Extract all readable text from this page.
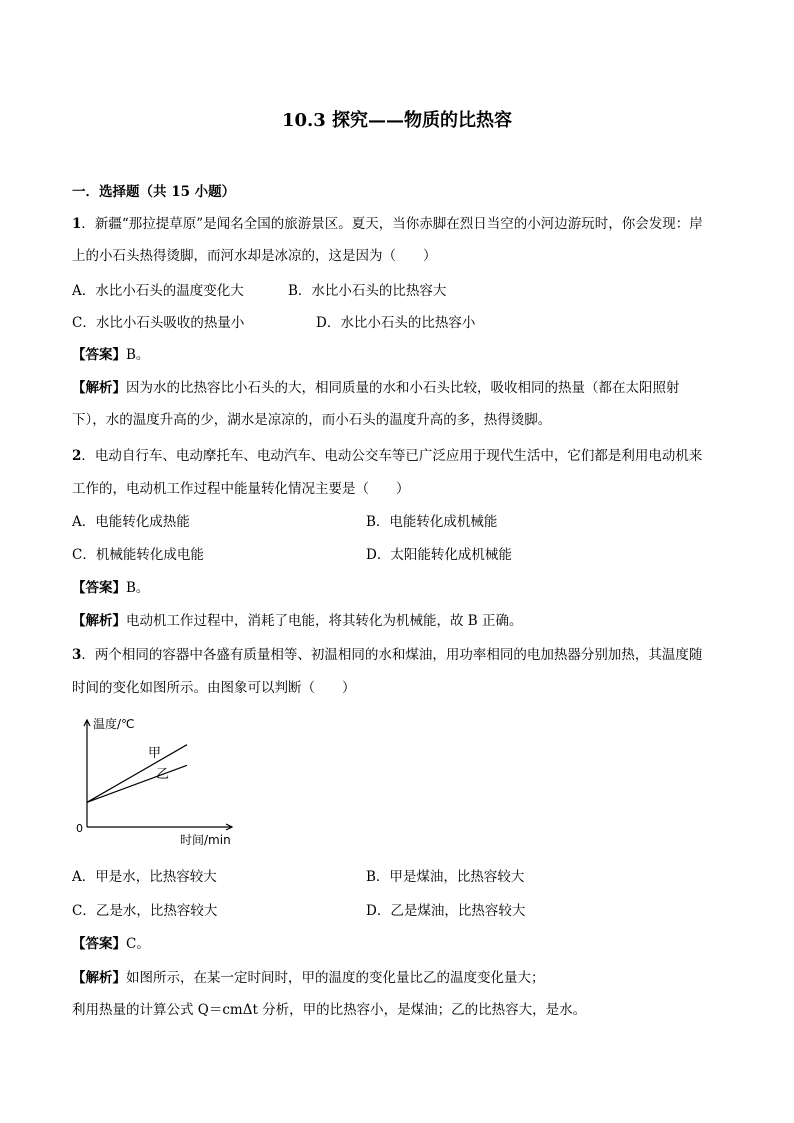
10.3 探究——物质的比热容
一．选择题（共 15 小题）
1．新疆“那拉提草原”是闻名全国的旅游景区。夏天，当你赤脚在烈日当空的小河边游玩时，你会发现：岸
上的小石头热得烫脚，而河水却是冰凉的，这是因为（　　）
A．水比小石头的温度变化大	B．水比小石头的比热容大
C．水比小石头吸收的热量小	D．水比小石头的比热容小
【答案】B。
【解析】因为水的比热容比小石头的大，相同质量的水和小石头比较，吸收相同的热量（都在太阳照射
下），水的温度升高的少，湖水是凉凉的，而小石头的温度升高的多，热得烫脚。
2．电动自行车、电动摩托车、电动汽车、电动公交车等已广泛应用于现代生活中，它们都是利用电动机来
工作的，电动机工作过程中能量转化情况主要是（　　）
A．电能转化成热能	B．电能转化成机械能
C．机械能转化成电能	D．太阳能转化成机械能
【答案】B。
【解析】电动机工作过程中，消耗了电能，将其转化为机械能，故 B 正确。
3．两个相同的容器中各盛有质量相等、初温相同的水和煤油，用功率相同的电加热器分别加热，其温度随
时间的变化如图所示。由图象可以判断（　　）
温度/℃
时间/min
0
甲
乙
A．甲是水，比热容较大	B．甲是煤油，比热容较大
C．乙是水，比热容较大	D．乙是煤油，比热容较大
【答案】C。
【解析】如图所示，在某一定时间时，甲的温度的变化量比乙的温度变化量大；
利用热量的计算公式 Q＝cmΔt 分析，甲的比热容小，是煤油；乙的比热容大，是水。
